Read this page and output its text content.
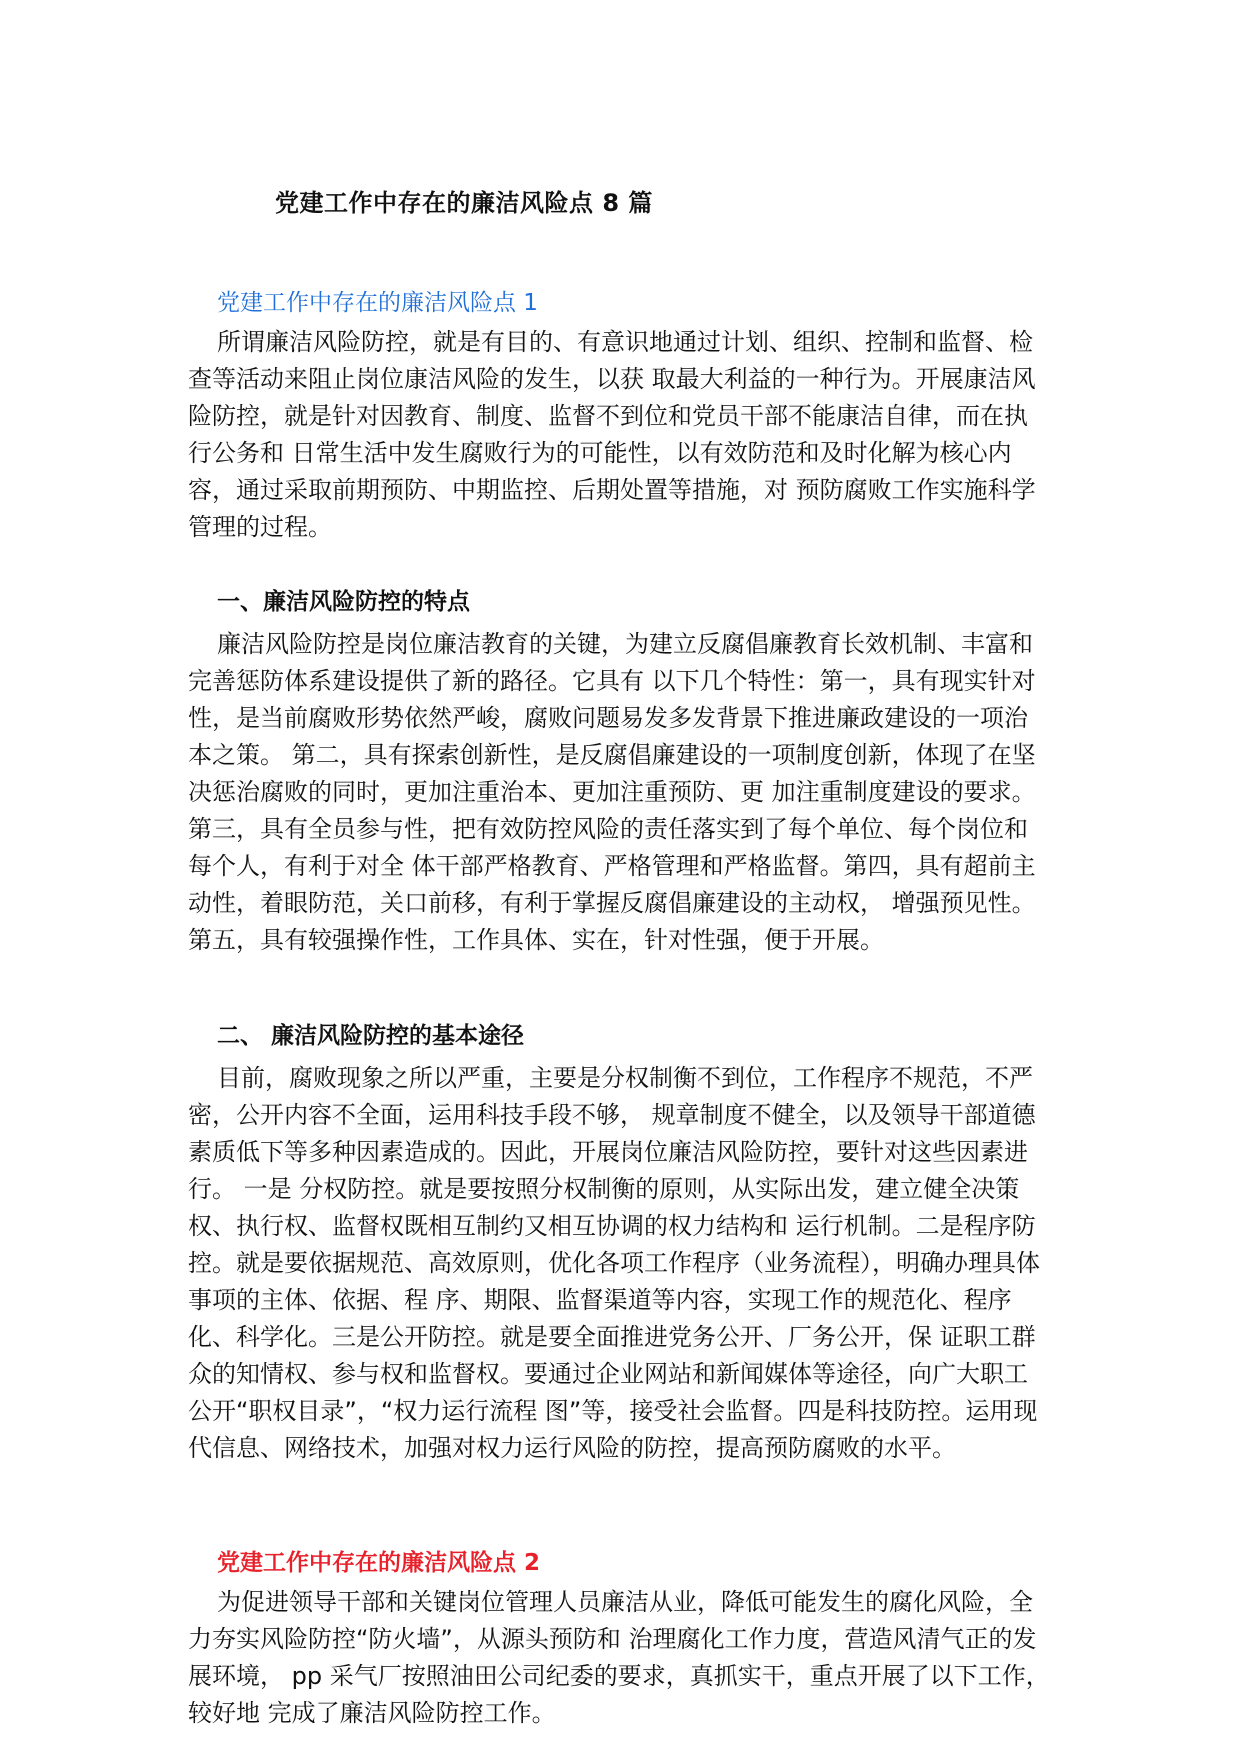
党建工作中存在的廉洁风险点 8 篇
党建工作中存在的廉洁风险点 1
所谓廉洁风险防控，就是有目的、有意识地通过计划、组织、控制和监督、检
查等活动来阻止岗位康洁风险的发生，以获 取最大利益的一种行为。开展康洁风
险防控，就是针对因教育、制度、监督不到位和党员干部不能康洁自律，而在执
行公务和 日常生活中发生腐败行为的可能性，以有效防范和及时化解为核心内
容，通过采取前期预防、中期监控、后期处置等措施，对 预防腐败工作实施科学
管理的过程。
一、廉洁风险防控的特点
廉洁风险防控是岗位廉洁教育的关键，为建立反腐倡廉教育长效机制、丰富和
完善惩防体系建设提供了新的路径。它具有 以下几个特性：第一，具有现实针对
性，是当前腐败形势依然严峻，腐败问题易发多发背景下推进廉政建设的一项治
本之策。 第二，具有探索创新性，是反腐倡廉建设的一项制度创新，体现了在坚
决惩治腐败的同时，更加注重治本、更加注重预防、更 加注重制度建设的要求。
第三，具有全员参与性，把有效防控风险的责任落实到了每个单位、每个岗位和
每个人，有利于对全 体干部严格教育、严格管理和严格监督。第四，具有超前主
动性，着眼防范，关口前移，有利于掌握反腐倡廉建设的主动权， 增强预见性。
第五，具有较强操作性，工作具体、实在，针对性强，便于开展。
二、 廉洁风险防控的基本途径
目前，腐败现象之所以严重，主要是分权制衡不到位，工作程序不规范，不严
密，公开内容不全面，运用科技手段不够， 规章制度不健全，以及领导干部道德
素质低下等多种因素造成的。因此，开展岗位廉洁风险防控，要针对这些因素进
行。 一是 分权防控。就是要按照分权制衡的原则，从实际出发，建立健全决策
权、执行权、监督权既相互制约又相互协调的权力结构和 运行机制。二是程序防
控。就是要依据规范、高效原则，优化各项工作程序（业务流程），明确办理具体
事项的主体、依据、程 序、期限、监督渠道等内容，实现工作的规范化、程序
化、科学化。三是公开防控。就是要全面推进党务公开、厂务公开，保 证职工群
众的知情权、参与权和监督权。要通过企业网站和新闻媒体等途径，向广大职工
公开“职权目录”，“权力运行流程 图”等，接受社会监督。四是科技防控。运用现
代信息、网络技术，加强对权力运行风险的防控，提高预防腐败的水平。
党建工作中存在的廉洁风险点 2
为促进领导干部和关键岗位管理人员廉洁从业，降低可能发生的腐化风险，全
力夯实风险防控“防火墙”，从源头预防和 治理腐化工作力度，营造风清气正的发
展环境， pp 采气厂按照油田公司纪委的要求，真抓实干，重点开展了以下工作，
较好地 完成了廉洁风险防控工作。
